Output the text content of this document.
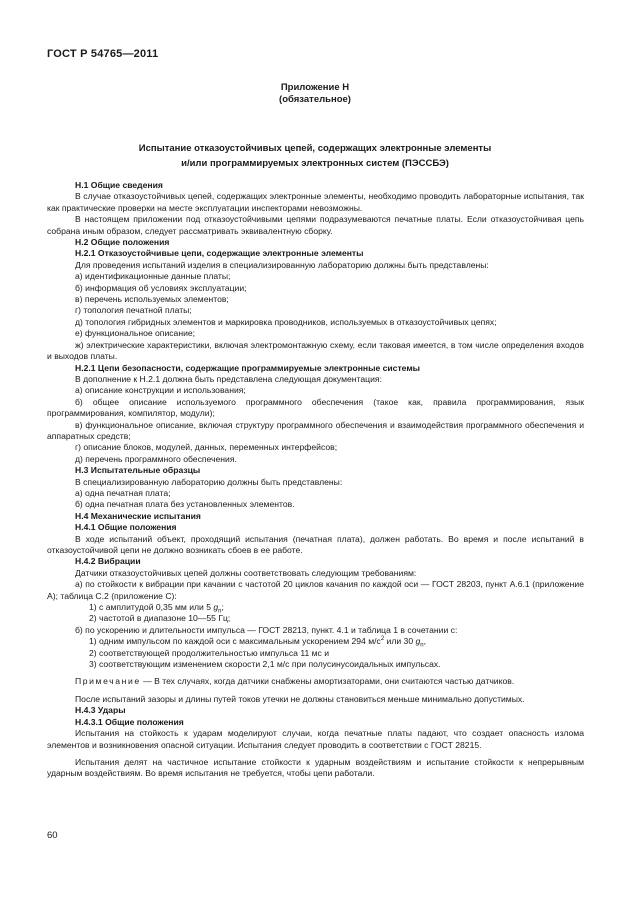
ГОСТ Р 54765—2011
Приложение Н
(обязательное)
Испытание отказоустойчивых цепей, содержащих электронные элементы
и/или программируемых электронных систем (ПЭССБЭ)

Н.1 Общие сведения

В случае отказоустойчивых цепей, содержащих электронные элементы, необходимо проводить лабораторные испытания, так как практические проверки на месте эксплуатации инспекторами невозможны.

В настоящем приложении под отказоустойчивыми цепями подразумеваются печатные платы. Если отказоустойчивая цепь собрана иным образом, следует рассматривать эквивалентную сборку.

Н.2 Общие положения

Н.2.1 Отказоустойчивые цепи, содержащие электронные элементы

Для проведения испытаний изделия в специализированную лабораторию должны быть представлены:

а) идентификационные данные платы;

б) информация об условиях эксплуатации;

в) перечень используемых элементов;

г) топология печатной платы;

д) топология гибридных элементов и маркировка проводников, используемых в отказоустойчивых цепях;

е) функциональное описание;

ж) электрические характеристики, включая электромонтажную схему, если таковая имеется, в том числе определения входов и выходов платы.

Н.2.1 Цепи безопасности, содержащие программируемые электронные системы

В дополнение к Н.2.1 должна быть представлена следующая документация:

а) описание конструкции и использования;

б) общее описание используемого программного обеспечения (такое как, правила программирования, язык программирования, компилятор, модули);

в) функциональное описание, включая структуру программного обеспечения и взаимодействия программного обеспечения и аппаратных средств;

г) описание блоков, модулей, данных, переменных интерфейсов;

д) перечень программного обеспечения.

Н.3 Испытательные образцы

В специализированную лабораторию должны быть представлены:

а) одна печатная плата;

б) одна печатная плата без установленных элементов.

Н.4 Механические испытания

Н.4.1 Общие положения

В ходе испытаний объект, проходящий испытания (печатная плата), должен работать. Во время и после испытаний в отказоустойчивой цепи не должно возникать сбоев в ее работе.

Н.4.2 Вибрации

Датчики отказоустойчивых цепей должны соответствовать следующим требованиям:

а) по стойкости к вибрации при качании с частотой 20 циклов качания по каждой оси — ГОСТ 28203, пункт А.6.1 (приложение А); таблица С.2 (приложение С):

1) с амплитудой 0,35 мм или 5 $g_n$;

2) частотой в диапазоне 10—55 Гц;

б) по ускорению и длительности импульса — ГОСТ 28213, пункт. 4.1 и таблица 1 в сочетании с:

1) одним импульсом по каждой оси с максимальным ускорением 294 $м/с^2$ или 30 $g_n$,

2) соответствующей продолжительностью импульса 11 мс и

3) соответствующим изменением скорости 2,1 м/с при полусинусоидальных импульсах.

Примечание — В тех случаях, когда датчики снабжены амортизаторами, они считаются частью датчиков.

После испытаний зазоры и длины путей токов утечки не должны становиться меньше минимально допустимых.

Н.4.3 Удары

Н.4.3.1 Общие положения

Испытания на стойкость к ударам моделируют случаи, когда печатные платы падают, что создает опасность излома элементов и возникновения опасной ситуации. Испытания следует проводить в соответствии с ГОСТ 28215.

Испытания делят на частичное испытание стойкости к ударным воздействиям и испытание стойкости к непрерывным ударным воздействиям. Во время испытания не требуется, чтобы цепи работали.

60
